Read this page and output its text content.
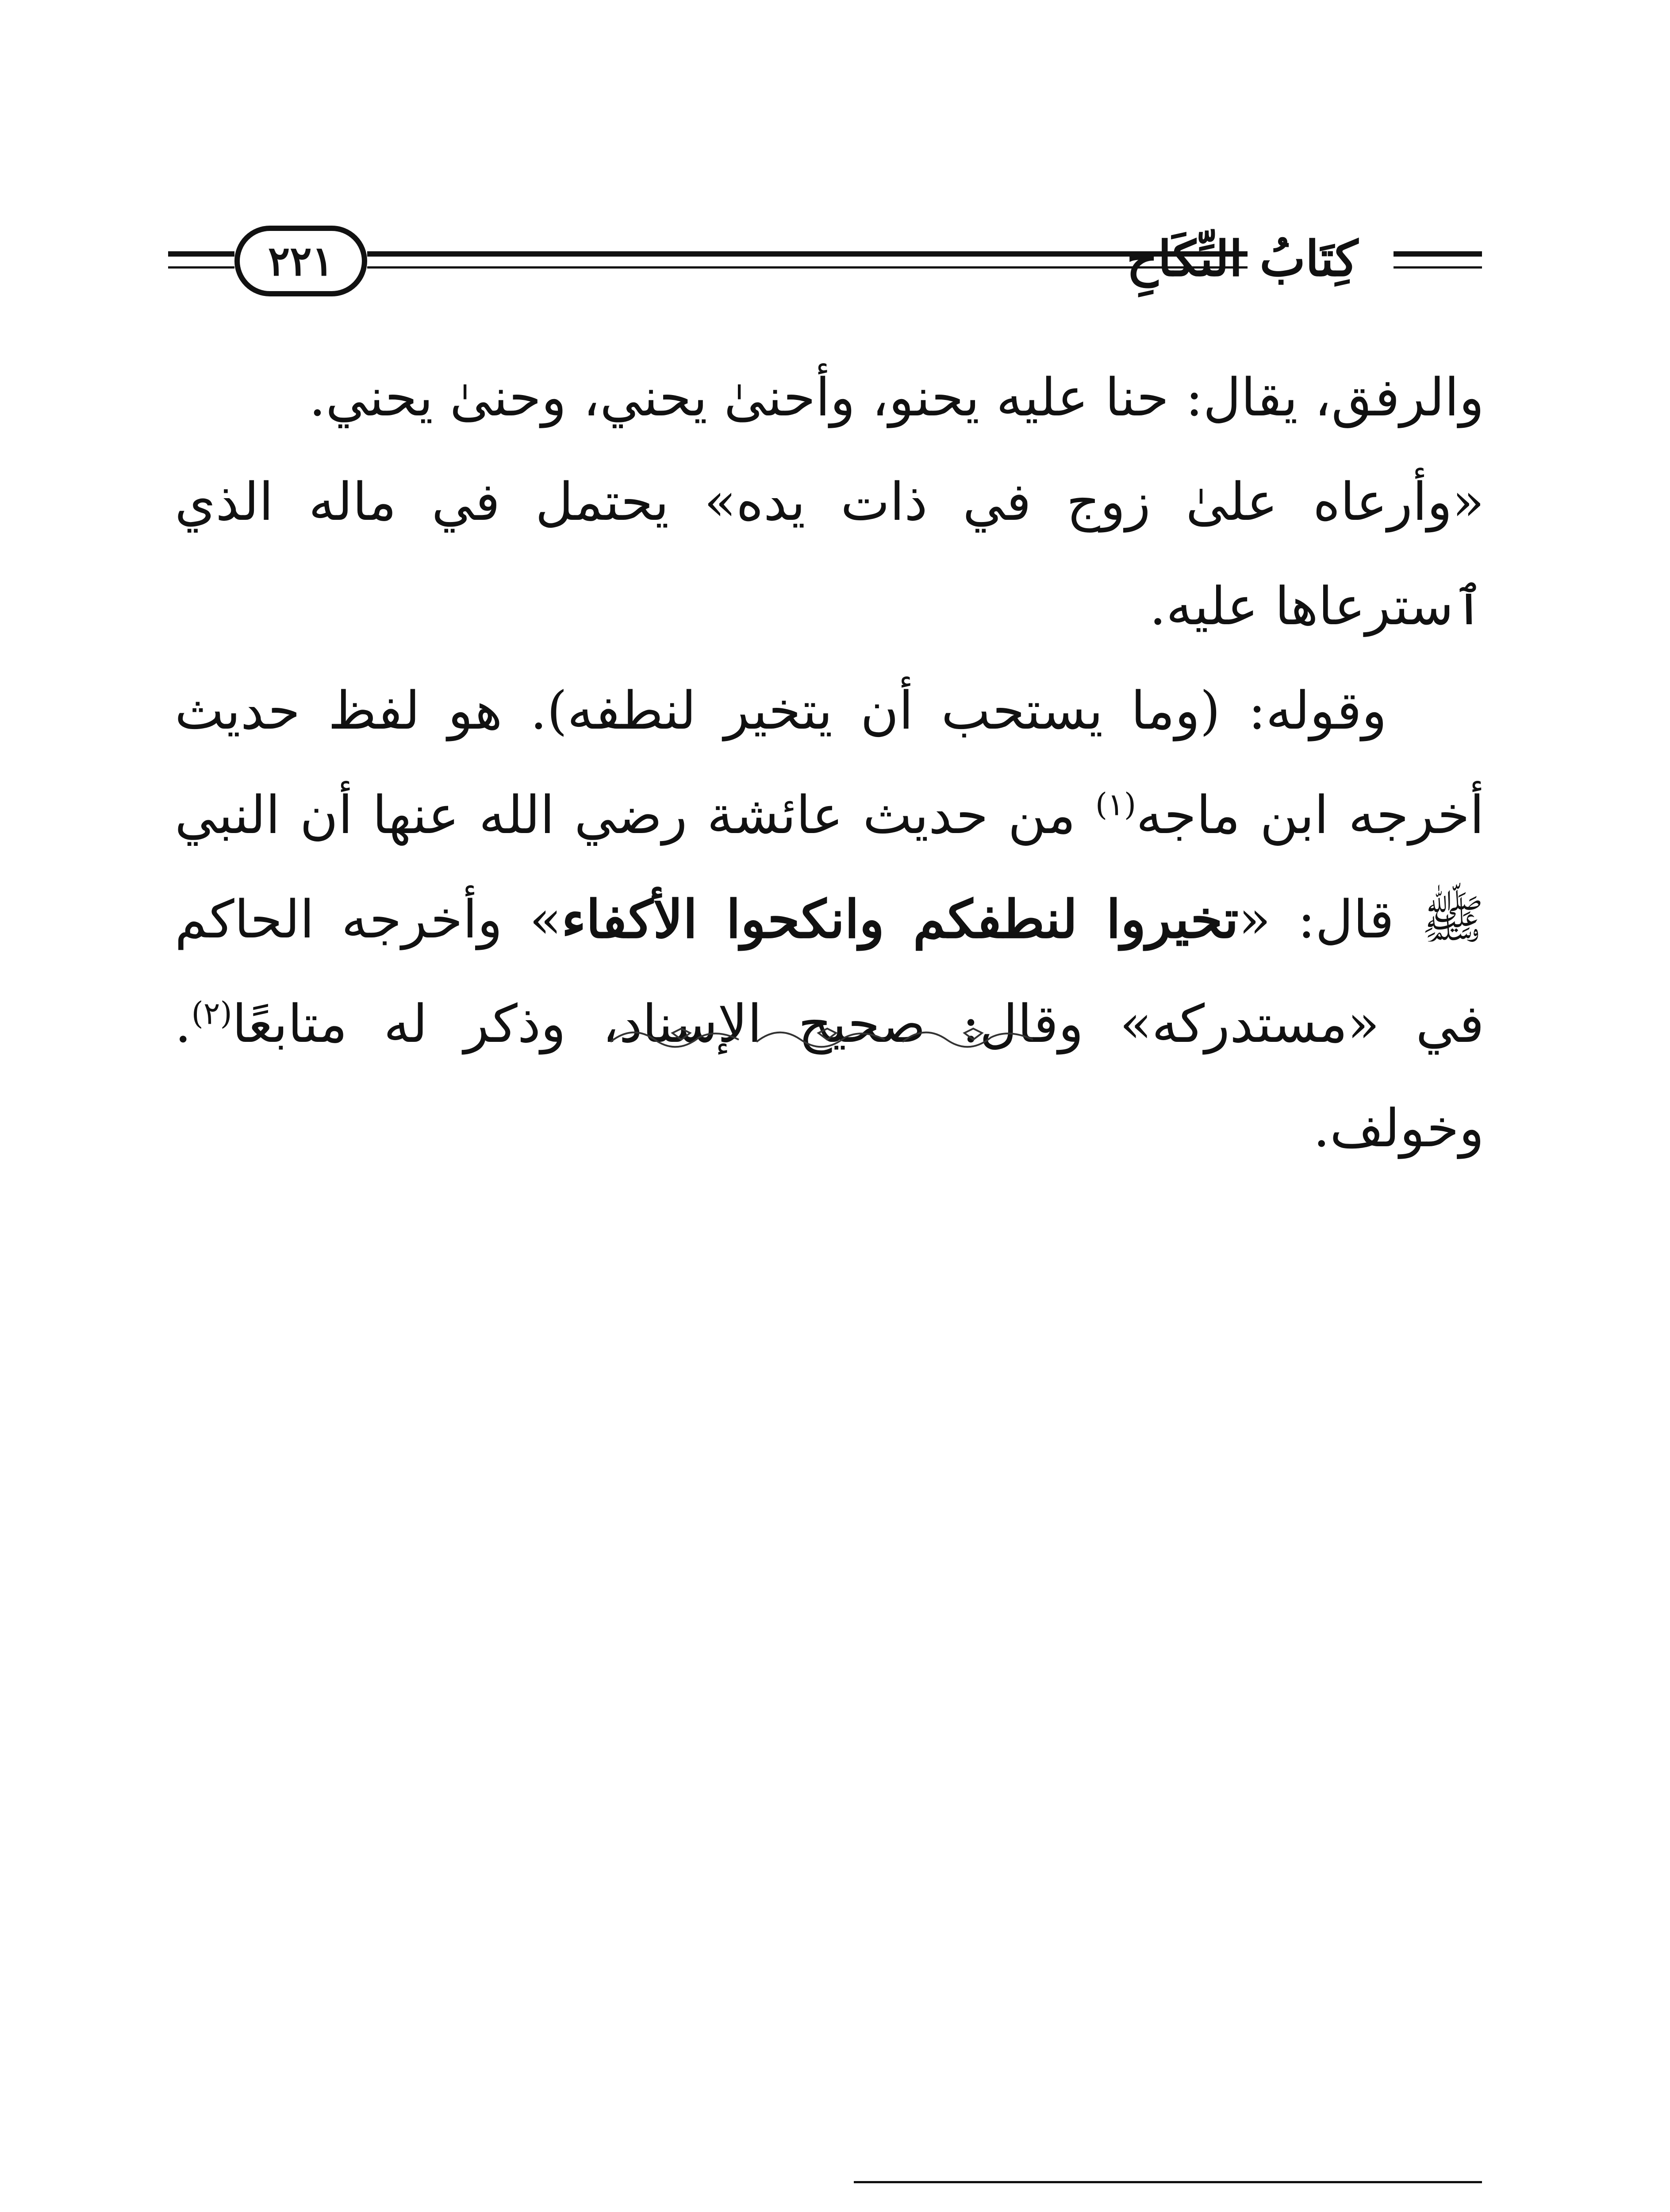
٢٢١	كِتَابُ النِّكَاحِ

والرفق، يقال: حنا عليه يحنو، وأحنىٰ يحني، وحنىٰ يحني.

«وأرعاه علىٰ زوج في ذات يده» يحتمل في ماله الذي ٱسترعاها عليه.

وقوله: (وما يستحب أن يتخير لنطفه). هو لفظ حديث أخرجه ابن ماجه$^{(١)}$ من حديث عائشة رضي الله عنها أن النبي ﷺ قال: «تخيروا لنطفكم وانكحوا الأكفاء» وأخرجه الحاكم في «مستدركه» وقال: صحيح الإسناد، وذكر له متابعًا$^{(٢)}$. وخولف.
